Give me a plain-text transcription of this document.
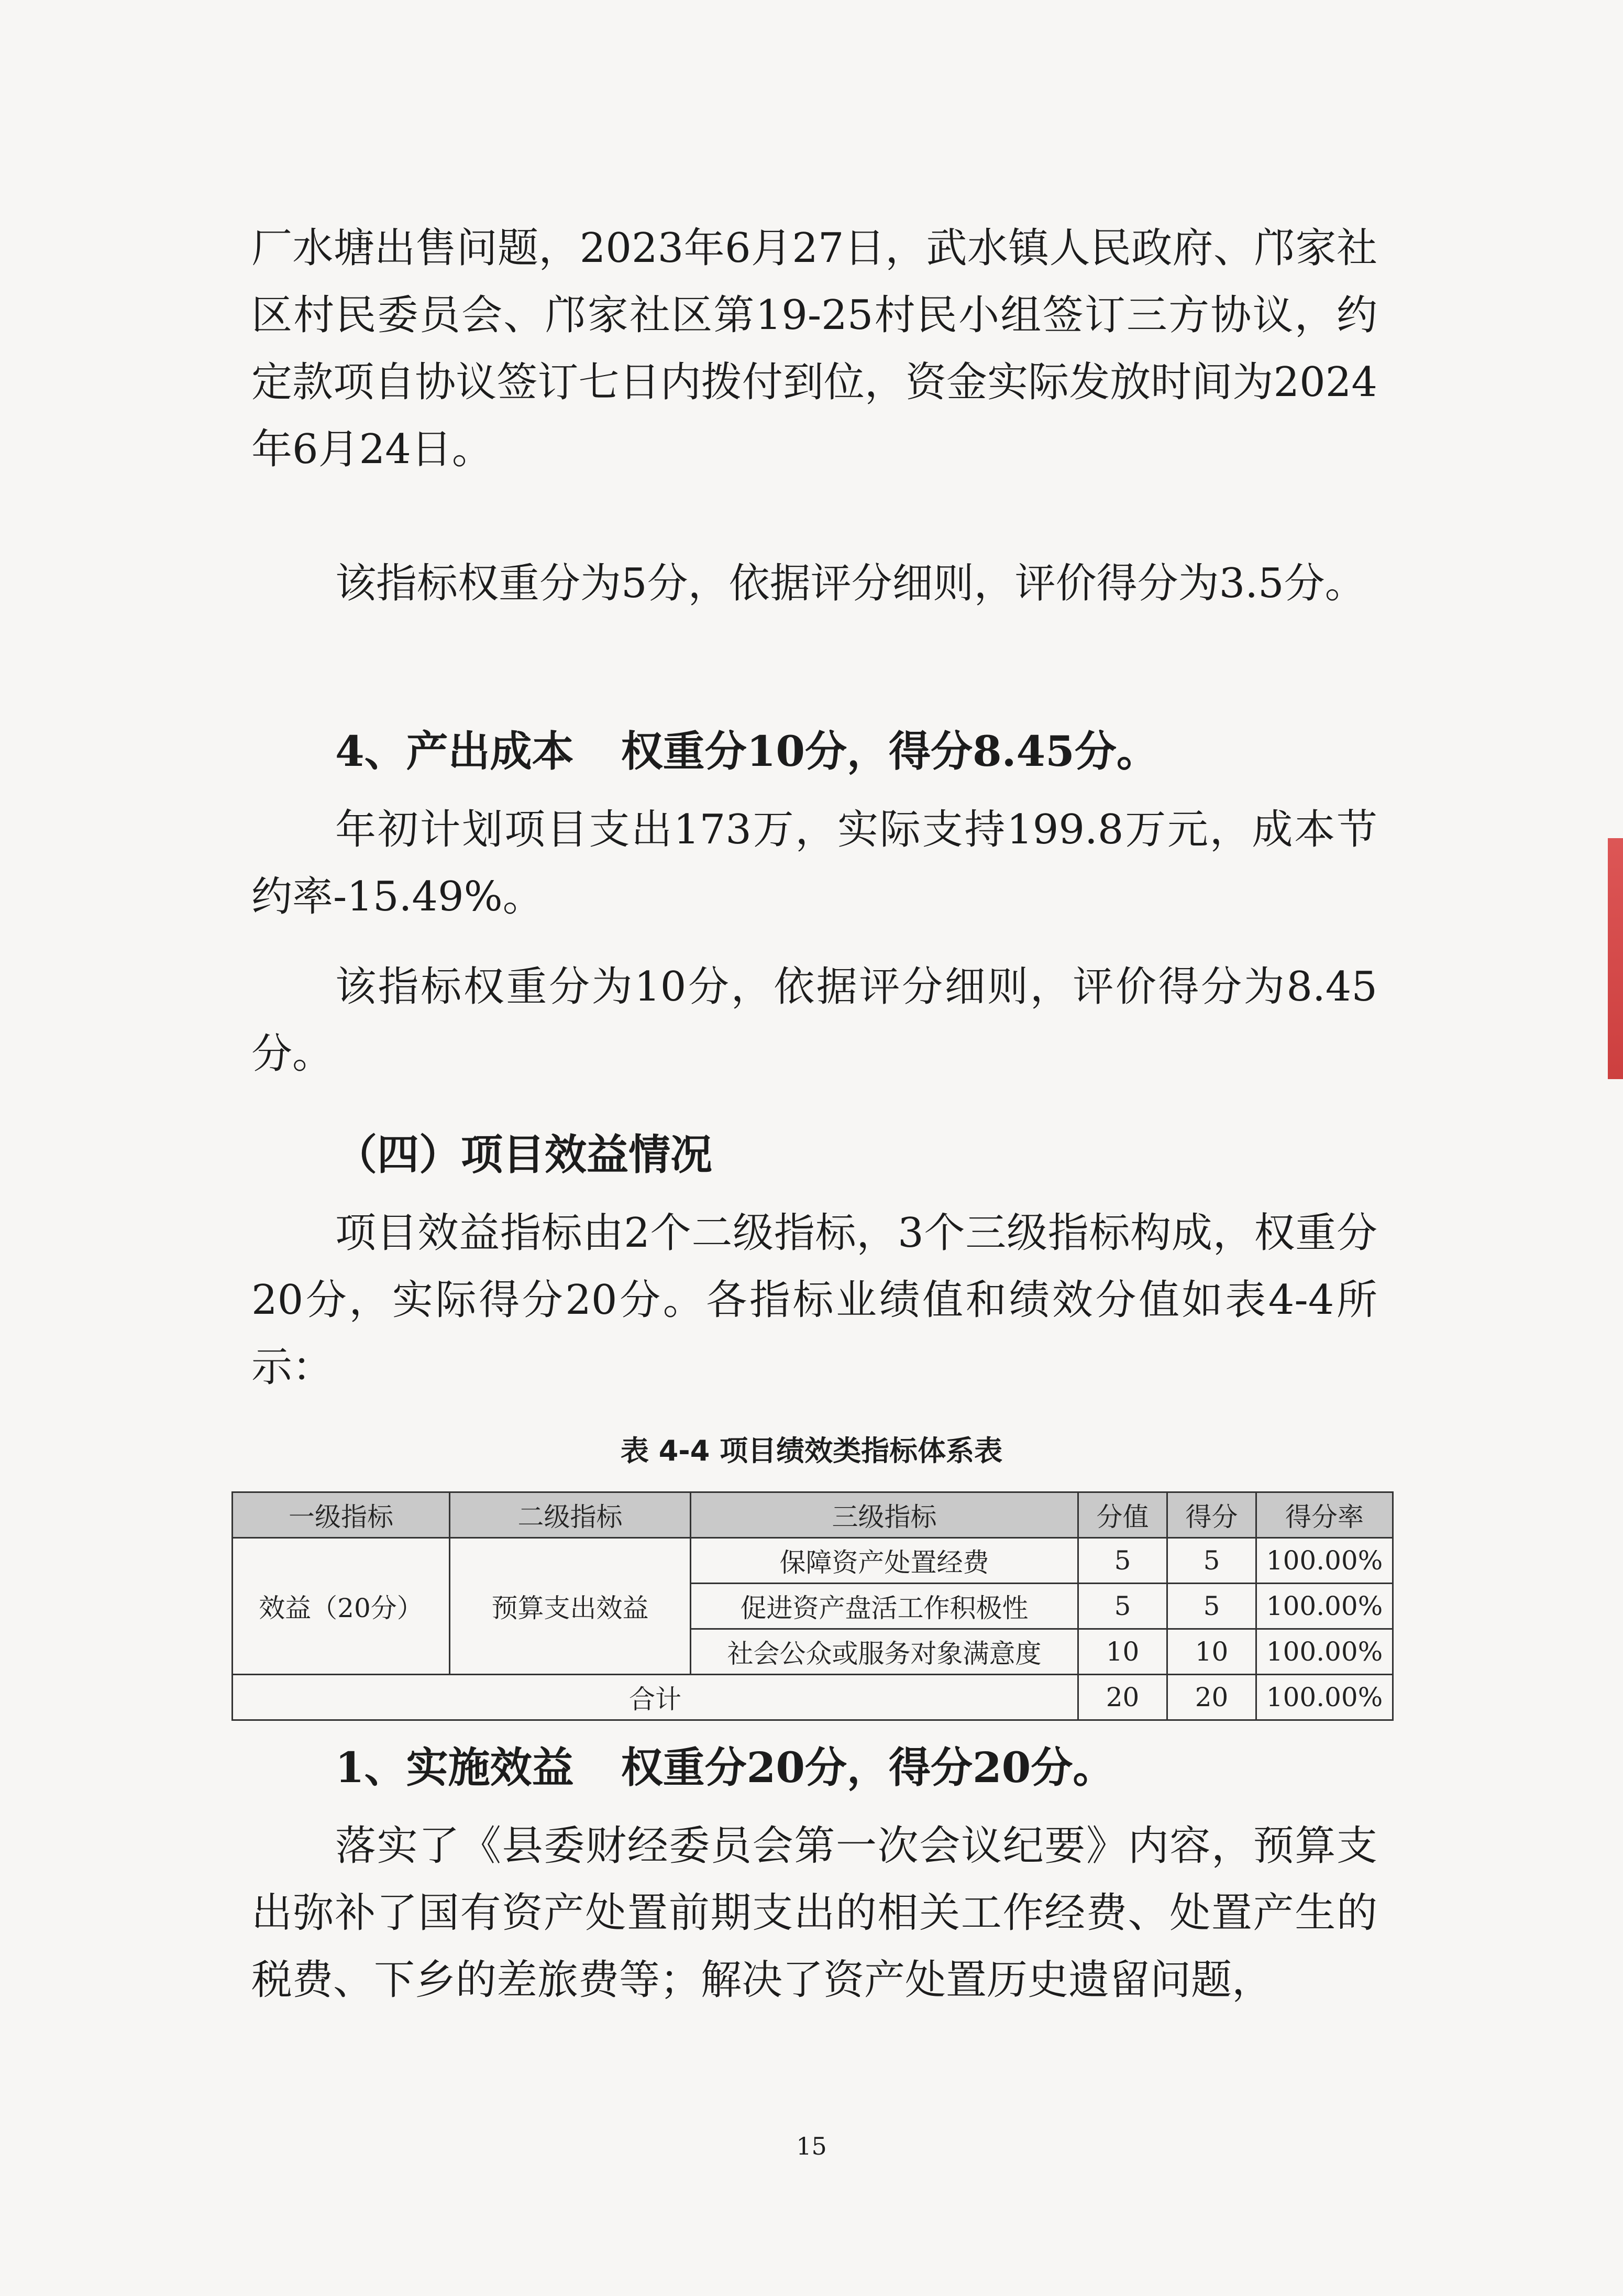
厂水塘出售问题，2023年6月27日，武水镇人民政府、邝家社区村民委员会、邝家社区第19-25村民小组签订三方协议，约定款项自协议签订七日内拨付到位，资金实际发放时间为2024年6月24日。

该指标权重分为5分，依据评分细则，评价得分为3.5分。

4、产出成本 权重分10分，得分8.45分。

年初计划项目支出173万，实际支持199.8万元，成本节约率-15.49%。

该指标权重分为10分，依据评分细则，评价得分为8.45分。

（四）项目效益情况

项目效益指标由2个二级指标，3个三级指标构成，权重分20分，实际得分20分。各指标业绩值和绩效分值如表4-4所示：

表 4-4 项目绩效类指标体系表
一级指标	二级指标	三级指标	分值	得分	得分率
效益（20分）	预算支出效益	保障资产处置经费	5	5	100.00%
		促进资产盘活工作积极性	5	5	100.00%
		社会公众或服务对象满意度	10	10	100.00%
合计			20	20	100.00%

1、实施效益 权重分20分，得分20分。

落实了《县委财经委员会第一次会议纪要》内容，预算支出弥补了国有资产处置前期支出的相关工作经费、处置产生的税费、下乡的差旅费等；解决了资产处置历史遗留问题，

15
